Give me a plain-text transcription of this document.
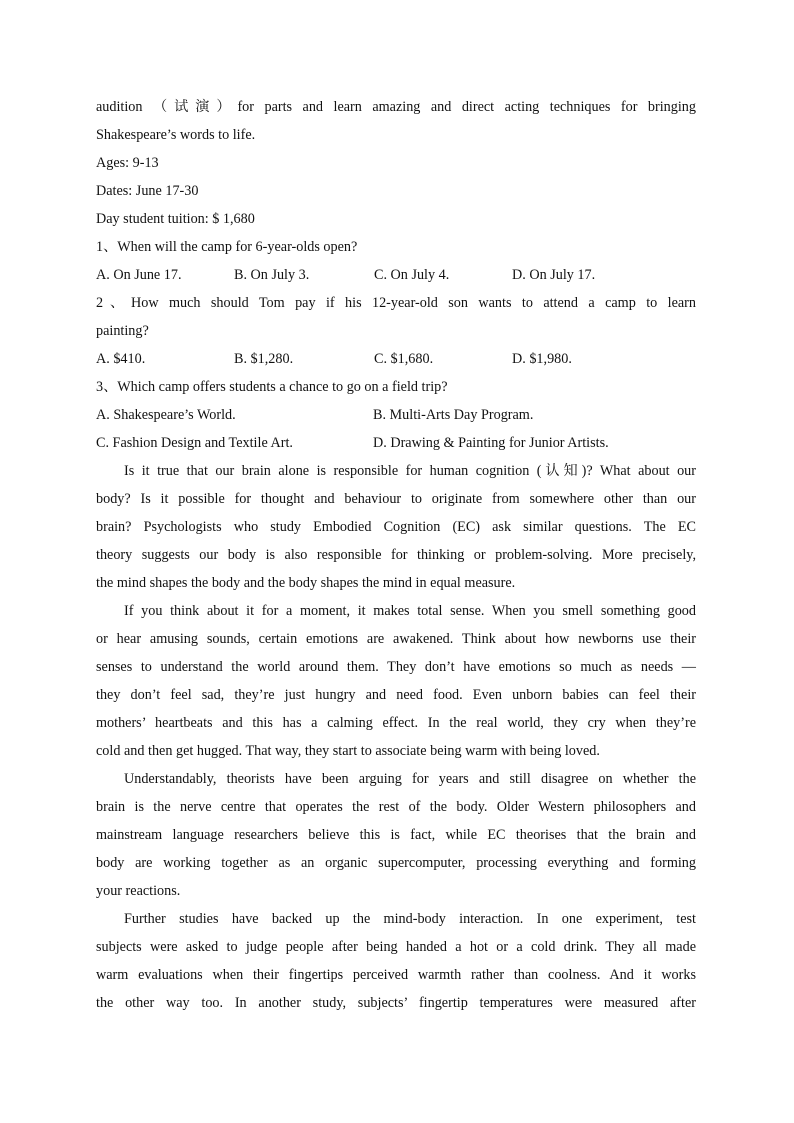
audition （试演）for parts and learn amazing and direct acting techniques for bringing
Shakespeare’s words to life.
Ages: 9-13
Dates: June 17-30
Day student tuition: $ 1,680
1、When will the camp for 6-year-olds open?
A. On June 17.	B. On July 3.	C. On July 4.	D. On July 17.
2、How much should Tom pay if his 12-year-old son wants to attend a camp to learn
painting?
A. $410.	B. $1,280.	C. $1,680.	D. $1,980.
3、Which camp offers students a chance to go on a field trip?
A. Shakespeare’s World.	B. Multi-Arts Day Program.
C. Fashion Design and Textile Art.	D. Drawing & Painting for Junior Artists.
Is it true that our brain alone is responsible for human cognition (认知)? What about our
body? Is it possible for thought and behaviour to originate from somewhere other than our
brain? Psychologists who study Embodied Cognition (EC) ask similar questions. The EC
theory suggests our body is also responsible for thinking or problem-solving. More precisely,
the mind shapes the body and the body shapes the mind in equal measure.
If you think about it for a moment, it makes total sense. When you smell something good
or hear amusing sounds, certain emotions are awakened. Think about how newborns use their
senses to understand the world around them. They don’t have emotions so much as needs —
they don’t feel sad, they’re just hungry and need food. Even unborn babies can feel their
mothers’ heartbeats and this has a calming effect. In the real world, they cry when they’re
cold and then get hugged. That way, they start to associate being warm with being loved.
Understandably, theorists have been arguing for years and still disagree on whether the
brain is the nerve centre that operates the rest of the body. Older Western philosophers and
mainstream language researchers believe this is fact, while EC theorises that the brain and
body are working together as an organic supercomputer, processing everything and forming
your reactions.
Further studies have backed up the mind-body interaction. In one experiment, test
subjects were asked to judge people after being handed a hot or a cold drink. They all made
warm evaluations when their fingertips perceived warmth rather than coolness. And it works
the other way too. In another study, subjects’ fingertip temperatures were measured after
